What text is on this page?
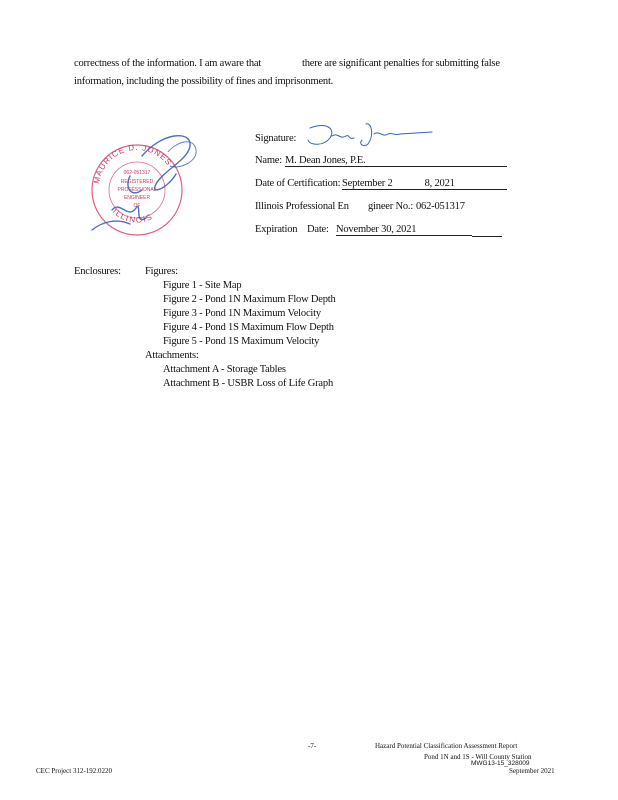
correctness of the information. I am aware that	there are significant penalties for submitting false
information, including the possibility of fines and imprisonment.
MAURICE D. JONES
ILLINOIS
062-051317
REGISTERED
PROFESSIONAL
ENGINEER
OF
Signature:
Name: M. Dean Jones, P.E.
Date of Certification: September 2	8, 2021
Illinois Professional En gineer No.: 062-051317
Expiration Date: November 30, 2021
Enclosures: Figures:
Figure 1 - Site Map
Figure 2 - Pond 1N Maximum Flow Depth
Figure 3 - Pond 1N Maximum Velocity
Figure 4 - Pond 1S Maximum Flow Depth
Figure 5 - Pond 1S Maximum Velocity
Attachments:
Attachment A - Storage Tables
Attachment B - USBR Loss of Life Graph
-7-	Hazard Potential Classification Assessment Report
Pond 1N and 1S - Will County Station
MWG13-15_328009
CEC Project 312-192.0220	September 2021
